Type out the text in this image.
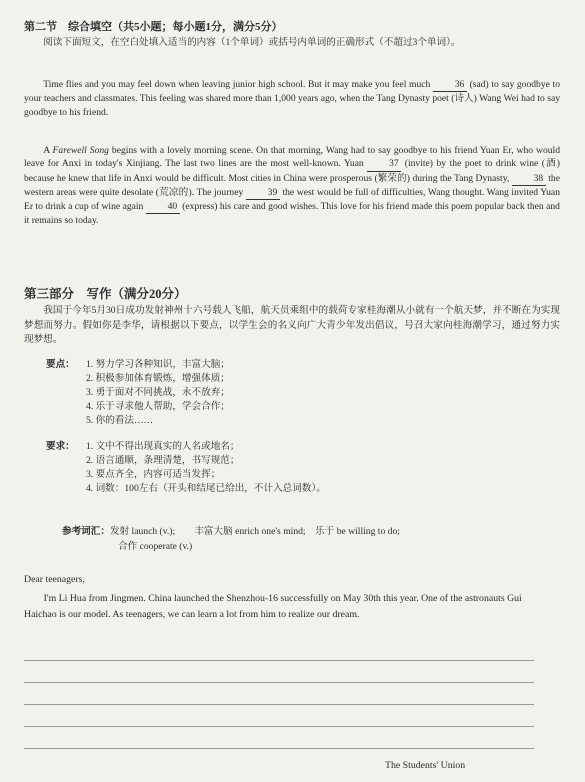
第二节　综合填空（共5小题；每小题1分，满分5分）
阅读下面短文，在空白处填入适当的内容（1个单词）或括号内单词的正确形式（不超过3个单词）。
Time flies and you may feel down when leaving junior high school. But it may make you feel much	36 (sad) to say goodbye to your teachers and classmates. This feeling was shared more than 1,000 years ago, when the Tang Dynasty poet (诗人) Wang Wei had to say goodbye to his friend.
A Farewell Song begins with a lovely morning scene. On that morning, Wang had to say goodbye to his friend Yuan Er, who would leave for Anxi in today's Xinjiang. The last two lines are the most well-known. Yuan	37 (invite) by the poet to drink wine (酒) because he knew that life in Anxi would be difficult. Most cities in China were prosperous (繁荣的) during the Tang Dynasty,	38 the western areas were quite desolate (荒凉的). The journey	39 the west would be full of difficulties, Wang thought. Wang invited Yuan Er to drink a cup of wine again	40 (express) his care and good wishes. This love for his friend made this poem popular back then and it remains so today.
第三部分　写作（满分20分）
我国于今年5月30日成功发射神州十六号载人飞船，航天员乘组中的载荷专家桂海潮从小就有一个航天梦，并不断在为实现梦想而努力。假如你是李华，请根据以下要点，以学生会的名义向广大青少年发出倡议，号召大家向桂海潮学习，通过努力实现梦想。
要点： 1. 努力学习各种知识，丰富大脑；
2. 积极参加体育锻炼，增强体质；
3. 勇于面对不同挑战，永不放弃；
4. 乐于寻求他人帮助，学会合作；
5. 你的看法……
要求： 1. 文中不得出现真实的人名或地名；
2. 语言通顺，条理清楚，书写规范；
3. 要点齐全，内容可适当发挥；
4. 词数：100左右（开头和结尾已给出，不计入总词数）。
参考词汇：发射 launch (v.);　　丰富大脑 enrich one's mind;　乐于 be willing to do;
合作 cooperate (v.)
Dear teenagers,
I'm Li Hua from Jingmen. China launched the Shenzhou-16 successfully on May 30th this year. One of the astronauts Gui Haichao is our model. As teenagers, we can learn a lot from him to realize our dream.
The Students' Union
